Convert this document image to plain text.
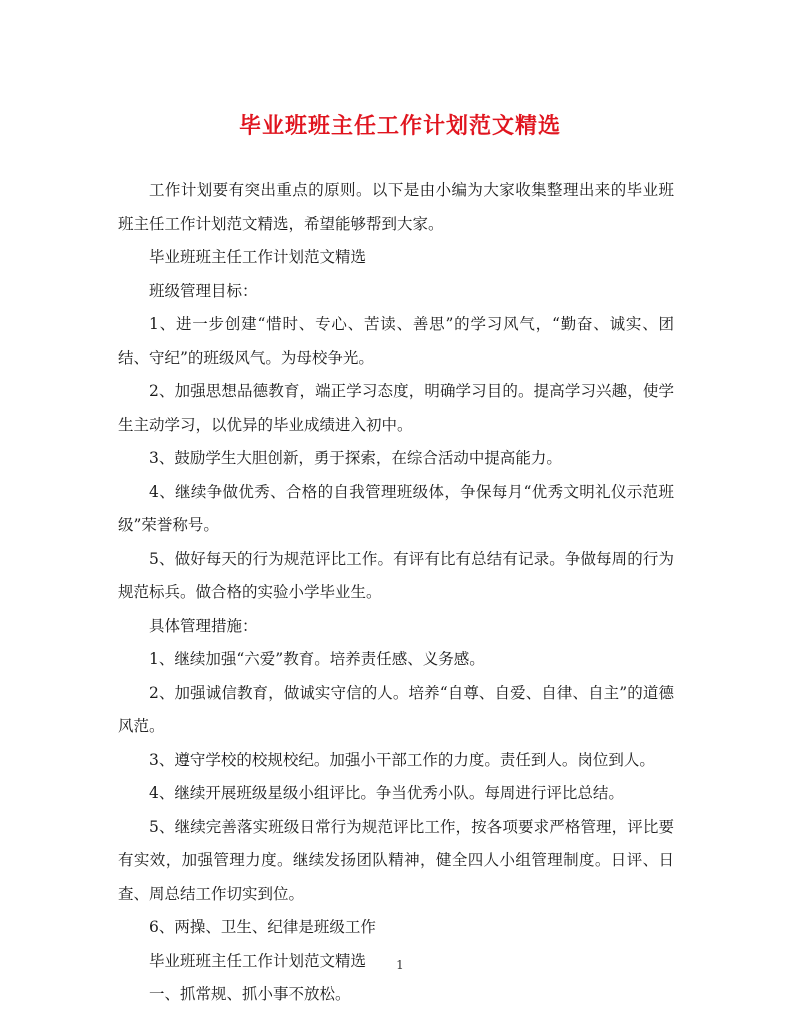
毕业班班主任工作计划范文精选

工作计划要有突出重点的原则。以下是由小编为大家收集整理出来的毕业班班主任工作计划范文精选，希望能够帮到大家。

毕业班班主任工作计划范文精选

班级管理目标：

1、进一步创建“惜时、专心、苦读、善思”的学习风气，“勤奋、诚实、团结、守纪”的班级风气。为母校争光。

2、加强思想品德教育，端正学习态度，明确学习目的。提高学习兴趣，使学生主动学习，以优异的毕业成绩进入初中。

3、鼓励学生大胆创新，勇于探索，在综合活动中提高能力。

4、继续争做优秀、合格的自我管理班级体，争保每月“优秀文明礼仪示范班级”荣誉称号。

5、做好每天的行为规范评比工作。有评有比有总结有记录。争做每周的行为规范标兵。做合格的实验小学毕业生。

具体管理措施：

1、继续加强“六爱”教育。培养责任感、义务感。

2、加强诚信教育，做诚实守信的人。培养“自尊、自爱、自律、自主”的道德风范。

3、遵守学校的校规校纪。加强小干部工作的力度。责任到人。岗位到人。

4、继续开展班级星级小组评比。争当优秀小队。每周进行评比总结。

5、继续完善落实班级日常行为规范评比工作，按各项要求严格管理，评比要有实效，加强管理力度。继续发扬团队精神，健全四人小组管理制度。日评、日查、周总结工作切实到位。

6、两操、卫生、纪律是班级工作

毕业班班主任工作计划范文精选

一、抓常规、抓小事不放松。

1
